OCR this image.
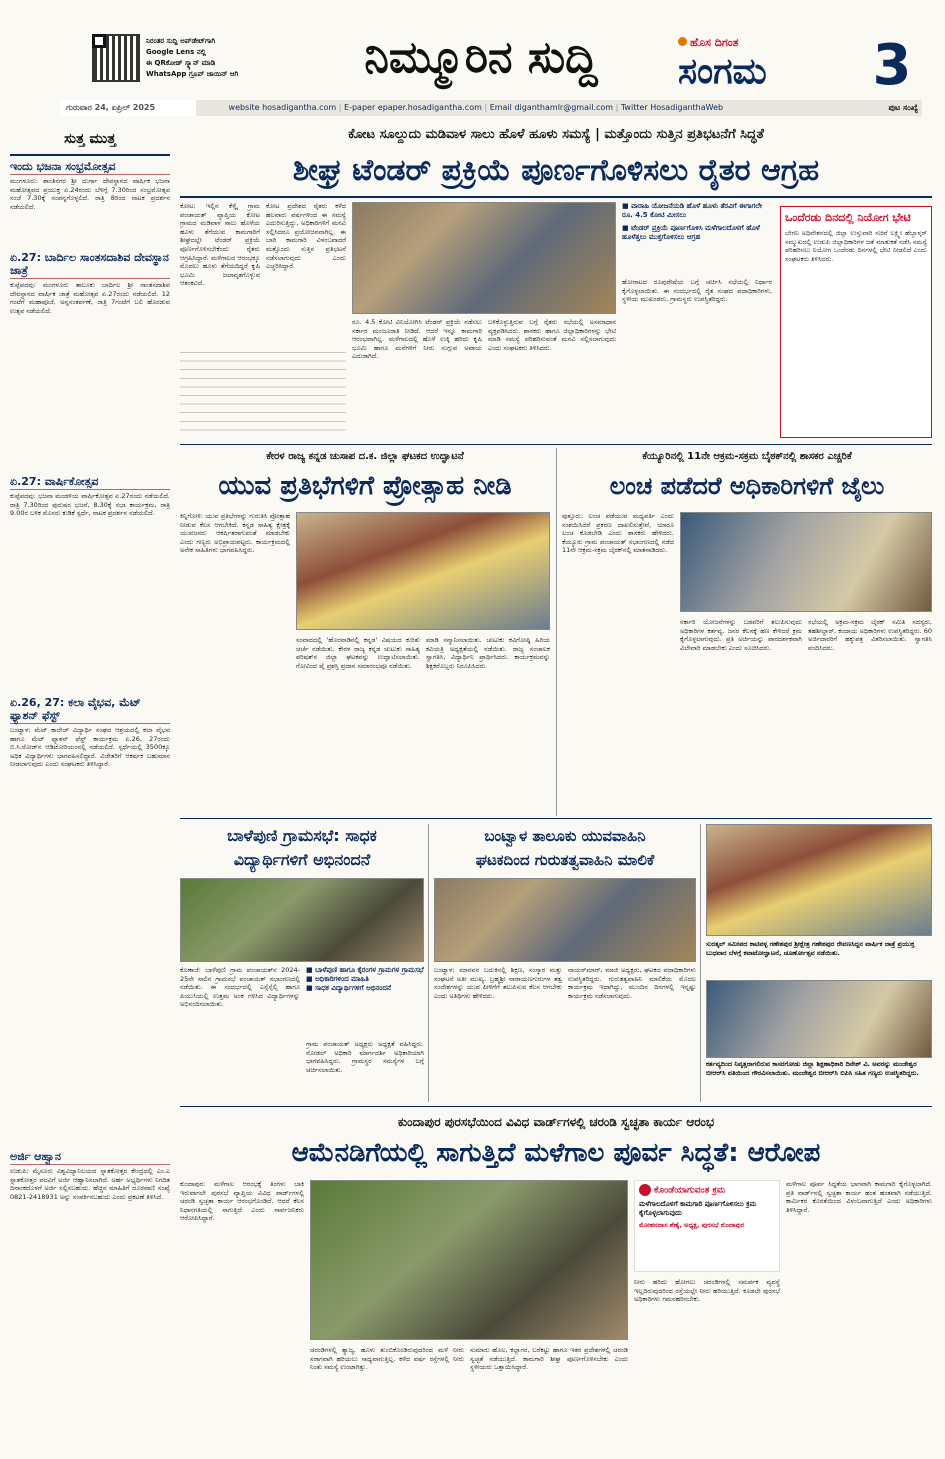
ನಿರಂತರ ಸುದ್ದಿ ಅಪ್‌ಡೇಟ್‌ಗಾಗಿ
Google Lens ನಲ್ಲಿ
ಈ QRಕೋಡ್‌ ಸ್ಕ್ಯಾನ್ ಮಾಡಿ
WhatsApp ಗ್ರೂಪ್ ಜಾಯಿನ್ ಆಗಿ	ನಿಮ್ಮೂರಿನ ಸುದ್ದಿ	ಹೊಸ ದಿಗಂತ
ಸಂಗಮ	3
ಗುರುವಾರ 24, ಏಪ್ರಿಲ್ 2025	website hosadigantha.com | E-paper epaper.hosadigantha.com | Email diganthamlr@gmail.com | Twitter HosadiganthaWeb	ಪುಟ ಸಂಖ್ಯೆ
ಸುತ್ತ ಮುತ್ತ
ಇಂದು ಭಜನಾ ಸಂಭ್ರಮೋತ್ಸವ
ಮಂಗಳೂರು: ಶಾಂತಿನಗರ ಶ್ರೀ ದುರ್ಗಾ ದೇವಸ್ಥಾನದ ವಾರ್ಷಿಕ ಭಜನಾ ಮಹೋತ್ಸವದ ಪ್ರಯುಕ್ತ ಏ.24ರಂದು ಬೆಳಿಗ್ಗೆ 7.30ರಿಂದ ಸಂಭ್ರಮೋತ್ಸವ ಸಂಜೆ 7.30ಕ್ಕೆ ಸಂಪನ್ನಗೊಳ್ಳಲಿದೆ. ರಾತ್ರಿ 8ರಿಂದ ನಾಟಕ ಪ್ರದರ್ಶನ ನಡೆಯಲಿದೆ.
ಏ.27: ಬಾರ್ದಿಲ ಸಾಂತಸದಾಶಿವ ದೇವಸ್ಥಾನ ಜಾತ್ರೆ
ಕುಪ್ಪೆಪದವು: ಮಂಗಳೂರು ತಾಲೂಕು ಬಾರ್ದಿಲ ಶ್ರೀ ಸಾಂತಸದಾಶಿವ ದೇವಸ್ಥಾನದ ವಾರ್ಷಿಕ ಜಾತ್ರೆ ಮಹೋತ್ಸವ ಏ.27ರಂದು ನಡೆಯಲಿದೆ. 12 ಗಂಟೆಗೆ ಮಹಾಪೂಜೆ, ಅನ್ನಸಂತರ್ಪಣೆ, ರಾತ್ರಿ 7ಗಂಟೆಗೆ ಬಲಿ ಹೊರಡುವ ಉತ್ಸವ ನಡೆಯಲಿದೆ.
ಏ.27: ವಾರ್ಷಿಕೋತ್ಸವ
ಕುಪ್ಪೆಪದವು: ಭಜನಾ ಮಂಡಳಿಯ ವಾರ್ಷಿಕೋತ್ಸವ ಏ.27ರಂದು ನಡೆಯಲಿದೆ. ರಾತ್ರಿ 7.30ರಿಂದ ಪುರುಷರ ಭಜನೆ, 8.30ಕ್ಕೆ ಸಭಾ ಕಾರ್ಯಕ್ರಮ, ರಾತ್ರಿ 9.00ರ ಬಳಿಕ ಮೊಸರು ಕುಡಿಕೆ ಸ್ಪರ್ಧೆ, ನಾಟಕ ಪ್ರದರ್ಶನ ನಡೆಯಲಿದೆ.
ಏ.26, 27: ಕಲಾ ವೈಭವ, ಮೆಟ್ ಫ್ಯಾಶನ್ ಫೆಸ್ಟ್
ಬಂಟ್ವಾಳ: ಮೆಟ್ ಕಾಲೇಜ್ ವಿದ್ಯಾರ್ಥಿ ಸಂಘದ ಆಶ್ರಯದಲ್ಲಿ ಕಲಾ ವೈಭವ ಹಾಗೂ ಮೆಟ್ ಫ್ಯಾಶನ್ ಫೆಸ್ಟ್ ಕಾರ್ಯಕ್ರಮ ಏ.26, 27ರಂದು ಬಿ.ಸಿ.ರೋಡ್‌ನ ಆಡಿಟೋರಿಯಂನಲ್ಲಿ ನಡೆಯಲಿದೆ. ಸ್ಪರ್ಧೆಯಲ್ಲಿ 3500ಕ್ಕೂ ಅಧಿಕ ವಿದ್ಯಾರ್ಥಿಗಳು ಭಾಗವಹಿಸಲಿದ್ದಾರೆ. ವಿಜೇತರಿಗೆ ಆಕರ್ಷಕ ಬಹುಮಾನ ನೀಡಲಾಗುವುದು ಎಂದು ಸಂಘಟಕರು ತಿಳಿಸಿದ್ದಾರೆ.
ಅರ್ಜಿ ಆಹ್ವಾನ
ಉಡುಪಿ: ಮೈಸೂರು ವಿಶ್ವವಿದ್ಯಾನಿಲಯದ ಸ್ನಾತಕೋತ್ತರ ಕೇಂದ್ರದಲ್ಲಿ ಎಂ.ಎ ಸ್ನಾತಕೋತ್ತರ ಪದವಿಗೆ ಅರ್ಜಿ ಆಹ್ವಾನಿಸಲಾಗಿದೆ. ಅರ್ಹ ಅಭ್ಯರ್ಥಿಗಳು ನಿಗದಿತ ದಿನಾಂಕದೊಳಗೆ ಅರ್ಜಿ ಸಲ್ಲಿಸಬಹುದು. ಹೆಚ್ಚಿನ ಮಾಹಿತಿಗೆ ದೂರವಾಣಿ ಸಂಖ್ಯೆ 0821-2418931 ಅನ್ನು ಸಂಪರ್ಕಿಸಬಹುದು ಎಂದು ಪ್ರಕಟಣೆ ತಿಳಿಸಿದೆ.
ಕೋಟ ಸೂಲ್ದುದು ಮಡಿವಾಳ ಸಾಲು ಹೊಳೆ ಹೂಳು ಸಮಸ್ಯೆ | ಮತ್ತೊಂದು ಸುತ್ತಿನ ಪ್ರತಿಭಟನೆಗೆ ಸಿದ್ಧತೆ
ಶೀಘ್ರ ಟೆಂಡರ್ ಪ್ರಕ್ರಿಯೆ ಪೂರ್ಣಗೊಳಿಸಲು ರೈತರ ಆಗ್ರಹ
ಕೋಟ: ಇಲ್ಲಿನ ಕೆಳ್ಕೈ ಗ್ರಾಮ ಪಂಚಾಯತ್ ವ್ಯಾಪ್ತಿಯ ಕೋಟ ಗ್ರಾಮದ ಮಡಿವಾಳ ಸಾಲು ಹೊಳೆಯ ಹೂಳು ತೆಗೆಯುವ ಕಾಮಗಾರಿಗೆ ಶೀಘ್ರದಲ್ಲೇ ಟೆಂಡರ್ ಪ್ರಕ್ರಿಯೆ ಪೂರ್ಣಗೊಳಿಸಬೇಕೆಂದು ರೈತರು ಆಗ್ರಹಿಸಿದ್ದಾರೆ. ಮಳೆಗಾಲದ ಆರಂಭಕ್ಕೂ ಮೊದಲು ಹೂಳು ತೆಗೆಯದಿದ್ದರೆ ಕೃಷಿ ಭೂಮಿ ಜಲಾವೃತಗೊಳ್ಳುವ ಆತಂಕವಿದೆ.
ಕೋಟ ಪ್ರದೇಶದ ರೈತರು ಕಳೆದ ಹಲವಾರು ವರ್ಷಗಳಿಂದ ಈ ಸಮಸ್ಯೆ ಎದುರಿಸುತ್ತಿದ್ದು, ಅಧಿಕಾರಿಗಳಿಗೆ ಮನವಿ ಸಲ್ಲಿಸಿದರೂ ಪ್ರಯೋಜನವಾಗಿಲ್ಲ. ಈ ಬಾರಿ ಕಾಮಗಾರಿ ವಿಳಂಬವಾದರೆ ಮತ್ತೊಂದು ಸುತ್ತಿನ ಪ್ರತಿಭಟನೆ ನಡೆಸಲಾಗುವುದು ಎಂದು ಎಚ್ಚರಿಸಿದ್ದಾರೆ.
ರೂ. 4.5 ಕೋಟಿ ವಿನಿಯೋಗಿಸಿ ಟೆಂಡರ್ ಪ್ರಕ್ರಿಯೆ ನಡೆಸಲು ಸರ್ಕಾರ ಮಂಜೂರಾತಿ ನೀಡಿದೆ. ಆದರೆ ಇನ್ನೂ ಕಾಮಗಾರಿ ಆರಂಭವಾಗಿಲ್ಲ. ಮಳೆಗಾಲದಲ್ಲಿ ಹೊಳೆ ಉಕ್ಕಿ ಹರಿದು ಕೃಷಿ ಭೂಮಿ ಹಾಗೂ ಮನೆಗಳಿಗೆ ನೀರು ನುಗ್ಗುವ ಅಪಾಯ ಎದುರಾಗಿದೆ.
ಬಳಿಕೊಳ್ಳುತ್ತಿರುವ ಬಗ್ಗೆ ರೈತರು ಸಭೆಯಲ್ಲಿ ಅಸಮಾಧಾನ ವ್ಯಕ್ತಪಡಿಸಿದರು. ಶಾಸಕರು ಹಾಗೂ ಜಿಲ್ಲಾಧಿಕಾರಿಗಳನ್ನು ಭೇಟಿ ಮಾಡಿ ಸಮಸ್ಯೆ ಪರಿಹರಿಸುವಂತೆ ಮನವಿ ಸಲ್ಲಿಸಲಾಗುವುದು ಎಂದು ಸಂಘಟಕರು ತಿಳಿಸಿದರು.
■ ವಾರಾಹಿ ಯೋಜನೆಯಡಿ ಹೊಳೆ ಹೂಳು ತೆರವಿಗೆ ಈಗಾಗಲೇ ರೂ. 4.5 ಕೋಟಿ ಮೀಸಲು
■ ಟೆಂಡರ್ ಪ್ರಕ್ರಿಯೆ ಪೂರ್ಣಗೊಳಿಸಿ ಮಳೆಗಾಲದೊಳಗೆ ಹೊಳೆ ಹೂಳೆತ್ತಲು ಮುಕ್ತಗೊಳಿಸಲು ಆಗ್ರಹ
ಹೋರಾಟದ ರೂಪುರೇಷೆಯ ಬಗ್ಗೆ ಚರ್ಚಿಸಿ ಸಭೆಯಲ್ಲಿ ನಿರ್ಧಾರ ಕೈಗೊಳ್ಳಲಾಯಿತು. ಈ ಸಂದರ್ಭದಲ್ಲಿ ರೈತ ಸಂಘದ ಪದಾಧಿಕಾರಿಗಳು, ಸ್ಥಳೀಯ ಮುಖಂಡರು, ಗ್ರಾಮಸ್ಥರು ಉಪಸ್ಥಿತರಿದ್ದರು.
ಒಂದೆರಡು ದಿನದಲ್ಲಿ ನಿಯೋಗ ಭೇಟಿ
ಬೇಗನಿ ಅಧಿವೇಶನದಲ್ಲಿ ಜಿಲ್ಲಾ ಉಸ್ತುವಾರಿ ಸಚಿವೆ ಲಕ್ಷ್ಮೀ ಹೆಬ್ಬಾಳ್ಕರ್ ಸಮ್ಮುಖದಲ್ಲಿ ಉಡುಪಿ ಜಿಲ್ಲಾಧಿಕಾರಿಗಳ ಜತೆ ಮಾತುಕತೆ ನಡೆಸಿ ಸಮಸ್ಯೆ ಪರಿಹರಿಸಲು ನಿಯೋಗ ಒಂದೆರಡು ದಿನಗಳಲ್ಲಿ ಭೇಟಿ ನೀಡಲಿದೆ ಎಂದು ಸಂಘಟಕರು ತಿಳಿಸಿದರು.
ಕೇರಳ ರಾಜ್ಯ ಕನ್ನಡ ಚುಸಾಪ ದ.ಕ. ಜಿಲ್ಲಾ ಘಟಕದ ಉದ್ಘಾಟನೆ
ಯುವ ಪ್ರತಿಭೆಗಳಿಗೆ ಪ್ರೋತ್ಸಾಹ ನೀಡಿ
ಕಿನ್ನಿಗೋಳಿ: ಯುವ ಪ್ರತಿಭೆಗಳನ್ನು ಗುರುತಿಸಿ ಪ್ರೋತ್ಸಾಹ ನೀಡುವ ಕೆಲಸ ಆಗಬೇಕಿದೆ. ಕನ್ನಡ ಸಾಹಿತ್ಯ ಕ್ಷೇತ್ರಕ್ಕೆ ಯುವಜನರು ಆಕರ್ಷಿತರಾಗುವಂತೆ ಮಾಡಬೇಕು ಎಂದು ಗಣ್ಯರು ಅಭಿಪ್ರಾಯಪಟ್ಟರು. ಕಾರ್ಯಕ್ರಮದಲ್ಲಿ ಅನೇಕ ಸಾಹಿತಿಗಳು ಭಾಗವಹಿಸಿದ್ದರು.
ಸಂವಾದದಲ್ಲಿ 'ಹೊರನಾಡಿನಲ್ಲಿ ಕನ್ನಡ' ವಿಷಯದ ಕುರಿತು ಚರ್ಚೆ ನಡೆಯಿತು. ಕೇರಳ ರಾಜ್ಯ ಕನ್ನಡ ಚುಟುಕು ಸಾಹಿತ್ಯ ಪರಿಷತ್‌ನ ಜಿಲ್ಲಾ ಘಟಕವನ್ನು ಉದ್ಘಾಟಿಸಲಾಯಿತು. ಗೋವಿಂದ ಪೈ ಪ್ರಶಸ್ತಿ ಪ್ರದಾನ ಸಮಾರಂಭವೂ ನಡೆಯಿತು.
ಮಾಡಿ ಸನ್ಮಾನಿಸಲಾಯಿತು. ಚುಟುಕು ಕವಿಗೋಷ್ಠಿ ಹಿರಿಯ ಕವಿಯತ್ರಿ ಅಧ್ಯಕ್ಷತೆಯಲ್ಲಿ ನಡೆಯಿತು. ರಾಜ್ಯ ಸಂಚಾಲಕ ಸ್ವಾಗತಿಸಿ, ವಿದ್ಯಾರ್ಥಿನಿ ಪ್ರಾರ್ಥಿಸಿದರು. ಕಾರ್ಯಕ್ರಮವನ್ನು ಶಿಕ್ಷಕರೊಬ್ಬರು ನಿರೂಪಿಸಿದರು.
ಕೆಯ್ಯೂರಿನಲ್ಲಿ 11ನೇ ಆಕ್ರಮ-ಸಕ್ರಮ ಬೈಠಕ್‌ನಲ್ಲಿ ಶಾಸಕರ ಎಚ್ಚರಿಕೆ
ಲಂಚ ಪಡೆದರೆ ಅಧಿಕಾರಿಗಳಿಗೆ ಜೈಲು
ಪುತ್ತೂರು: ಲಂಚ ಪಡೆಯುವ ಮಧ್ಯವರ್ತಿ ಎಂದು ಸಂಶಯಿಸಿದರೆ ಪ್ರಕರಣ ದಾಖಲಿಸುತ್ತೇವೆ, ಯಾರೂ ಲಂಚ ಕೊಡಬೇಡಿ ಎಂದು ಶಾಸಕರು ಹೇಳಿದರು. ಕೆಯ್ಯೂರು ಗ್ರಾಮ ಪಂಚಾಯತ್ ಸಭಾಂಗಣದಲ್ಲಿ ನಡೆದ 11ನೇ ಆಕ್ರಮ-ಸಕ್ರಮ ಬೈಠಕ್‌ನಲ್ಲಿ ಮಾತನಾಡಿದರು.
ಸರ್ಕಾರಿ ಯೋಜನೆಗಳನ್ನು ಬಡವರಿಗೆ ತಲುಪಿಸುವುದು ಅಧಿಕಾರಿಗಳ ಕರ್ತವ್ಯ. ಜನರ ಕೆಲಸಕ್ಕೆ ಹಣ ಕೇಳಿದರೆ ಕ್ರಮ ಕೈಗೊಳ್ಳಲಾಗುವುದು. ಪ್ರತಿ ಅರ್ಜಿಯನ್ನು ಪಾರದರ್ಶಕವಾಗಿ ವಿಲೇವಾರಿ ಮಾಡಬೇಕು ಎಂದು ಸೂಚಿಸಿದರು.
ಸಭೆಯಲ್ಲಿ ಅಕ್ರಮ-ಸಕ್ರಮ ಬೈಠಕ್ ಸಮಿತಿ ಸದಸ್ಯರು, ತಹಶೀಲ್ದಾರ್, ಕಂದಾಯ ಅಧಿಕಾರಿಗಳು ಉಪಸ್ಥಿತರಿದ್ದರು. 60 ಅರ್ಜಿದಾರರಿಗೆ ಹಕ್ಕುಪತ್ರ ವಿತರಿಸಲಾಯಿತು. ಸ್ವಾಗತಿಸಿ ವಂದಿಸಿದರು.
ಬಾಳೆಪುಣಿ ಗ್ರಾಮಸಭೆ: ಸಾಧಕ
ವಿದ್ಯಾರ್ಥಿಗಳಿಗೆ ಅಭಿನಂದನೆ
ಕೊಣಾಜೆ: ಬಾಳೆಪುಣಿ ಗ್ರಾಮ ಪಂಚಾಯತ್‌ನ 2024-25ನೇ ಸಾಲಿನ ಗ್ರಾಮಸಭೆ ಪಂಚಾಯತ್ ಸಭಾಂಗಣದಲ್ಲಿ ನಡೆಯಿತು. ಈ ಸಂದರ್ಭದಲ್ಲಿ ಎಸ್ಸೆಸ್ಸೆಲ್ಸಿ ಹಾಗೂ ಪಿಯುಸಿಯಲ್ಲಿ ಉತ್ತಮ ಅಂಕ ಗಳಿಸಿದ ವಿದ್ಯಾರ್ಥಿಗಳನ್ನು ಅಭಿನಂದಿಸಲಾಯಿತು.
■ ಬಾಳೆಪುಣಿ ಹಾಗೂ ಕೈರಂಗಳ ಗ್ರಾಮಗಳ ಗ್ರಾಮಸಭೆ
■ ಅಧಿಕಾರಿಗಳಿಂದ ಮಾಹಿತಿ
■ ಸಾಧಕ ವಿದ್ಯಾರ್ಥಿಗಳಿಗೆ ಅಭಿನಂದನೆ
ಗ್ರಾಮ ಪಂಚಾಯತ್ ಅಧ್ಯಕ್ಷರು ಅಧ್ಯಕ್ಷತೆ ವಹಿಸಿದ್ದರು. ನೋಡಲ್ ಅಧಿಕಾರಿ ಮಾರ್ಗದರ್ಶಿ ಅಧಿಕಾರಿಯಾಗಿ ಭಾಗವಹಿಸಿದ್ದರು. ಗ್ರಾಮಸ್ಥರ ಸಮಸ್ಯೆಗಳ ಬಗ್ಗೆ ಚರ್ಚಿಸಲಾಯಿತು.
ಬಂಟ್ವಾಳ ತಾಲೂಕು ಯುವವಾಹಿನಿ
ಘಟಕದಿಂದ ಗುರುತತ್ವವಾಹಿನಿ ಮಾಲಿಕೆ
ಬಂಟ್ವಾಳ: ಮಾನವನ ಬದುಕಿನಲ್ಲಿ ಶಿಕ್ಷಣ, ಸಂಸ್ಕಾರ ಮತ್ತು ಸಂಘಟನೆ ಅತೀ ಮುಖ್ಯ. ಬ್ರಹ್ಮಶ್ರೀ ನಾರಾಯಣಗುರುಗಳ ತತ್ವ ಸಂದೇಶಗಳನ್ನು ಯುವ ಪೀಳಿಗೆಗೆ ತಲುಪಿಸುವ ಕೆಲಸ ಆಗಬೇಕು ಎಂದು ಅತಿಥಿಗಳು ಹೇಳಿದರು.
ನಾಯರ್‌ಮಾರ್, ಮಾಜಿ ಅಧ್ಯಕ್ಷರು, ಘಟಕದ ಪದಾಧಿಕಾರಿಗಳು ಉಪಸ್ಥಿತರಿದ್ದರು. ಗುರುತತ್ವವಾಹಿನಿ ಮಾಲಿಕೆಯ ಮೊದಲ ಕಾರ್ಯಕ್ರಮ ಇದಾಗಿದ್ದು, ಮುಂದಿನ ದಿನಗಳಲ್ಲಿ ಇನ್ನಷ್ಟು ಕಾರ್ಯಕ್ರಮ ನಡೆಸಲಾಗುವುದು.
ಸುರತ್ಕಲ್ ಸಮೀಪದ ಕಾಟಿಪಳ್ಳ ಗಣೇಶಪುರ ಶ್ರೀಕ್ಷೇತ್ರ ಗಣೇಶಪುರ ರೇವಣಸಿದ್ದನ ವಾರ್ಷಿಕ ಜಾತ್ರೆ ಪ್ರಯುಕ್ತ ಬುಧವಾರ ಬೆಳಗ್ಗೆ ಕವಾಟೋದ್ಘಾಟನೆ, ಚೂರ್ಣೋತ್ಸವ ನಡೆಯಿತು.
ಕರ್ತವ್ಯದಿಂದ ನಿವೃತ್ತರಾಗಲಿರುವ ಕಾಸರಗೋಡು ಜಿಲ್ಲಾ ಶಿಕ್ಷಣಾಧಿಕಾರಿ ದಿನೇಶ್ ವಿ. ಅವರನ್ನು ಮಂಜೇಶ್ವರ ಬೀಆರ್‌ಸಿ ವತಿಯಿಂದ ಗೌರವಿಸಲಾಯಿತು. ಮಂಜೇಶ್ವರ ಬೀಆರ್‌ಸಿ ಬಿಪಿಸಿ ಸಹಿತ ಗಣ್ಯರು ಉಪಸ್ಥಿತರಿದ್ದರು.
ಕುಂದಾಪುರ ಪುರಸಭೆಯಿಂದ ವಿವಿಧ ವಾರ್ಡ್‌ಗಳಲ್ಲಿ ಚರಂಡಿ ಸ್ವಚ್ಛತಾ ಕಾರ್ಯ ಆರಂಭ
ಆಮೆನಡಿಗೆಯಲ್ಲಿ ಸಾಗುತ್ತಿದೆ ಮಳೆಗಾಲ ಪೂರ್ವ ಸಿದ್ಧತೆ: ಆರೋಪ
ಕುಂದಾಪುರ: ಮಳೆಗಾಲ ಆರಂಭಕ್ಕೆ ತಿಂಗಳು ಬಾಕಿ ಇರುವಾಗಲೇ ಪುರಸಭೆ ವ್ಯಾಪ್ತಿಯ ವಿವಿಧ ವಾರ್ಡ್‌ಗಳಲ್ಲಿ ಚರಂಡಿ ಸ್ವಚ್ಛತಾ ಕಾರ್ಯ ಆರಂಭಗೊಂಡಿದೆ. ಆದರೆ ಕೆಲಸ ನಿಧಾನಗತಿಯಲ್ಲಿ ಸಾಗುತ್ತಿದೆ ಎಂದು ಸಾರ್ವಜನಿಕರು ಆರೋಪಿಸಿದ್ದಾರೆ.
ಚರಂಡಿಗಳಲ್ಲಿ ತ್ಯಾಜ್ಯ, ಹೂಳು ತುಂಬಿಕೊಂಡಿರುವುದರಿಂದ ಮಳೆ ನೀರು ಸರಾಗವಾಗಿ ಹರಿಯಲು ಸಾಧ್ಯವಾಗುತ್ತಿಲ್ಲ. ಕಳೆದ ವರ್ಷ ರಸ್ತೆಗಳಲ್ಲಿ ನೀರು ನಿಂತು ಸಮಸ್ಯೆ ಉಂಟಾಗಿತ್ತು.
ಸುಮಾರು ಹೊಲ, ಕಲ್ಲಾಗರ, ಬರೆಕಟ್ಟು ಹಾಗೂ ಇತರ ಪ್ರದೇಶಗಳಲ್ಲಿ ಚರಂಡಿ ಸ್ವಚ್ಛತೆ ನಡೆಯುತ್ತಿದೆ. ಕಾಮಗಾರಿ ಶೀಘ್ರ ಪೂರ್ಣಗೊಳಿಸಬೇಕು ಎಂದು ಸ್ಥಳೀಯರು ಒತ್ತಾಯಿಸಿದ್ದಾರೆ.
ಕೊಂಡೆಯಾಗುವಂತ ಕ್ರಮ
ಮಳೆಗಾಲದೊಳಗೆ ಕಾಮಗಾರಿ ಪೂರ್ಣಗೊಳಿಸಲು ಕ್ರಮ ಕೈಗೊಳ್ಳಲಾಗುವುದು
ಮೋಹನದಾಸ ಶೆಣೈ, ಅಧ್ಯಕ್ಷ, ಪುರಸಭೆ ಕುಂದಾಪುರ
ನೀರು ಹರಿದು ಹೋಗಲು ಚರಂಡಿಗಳಲ್ಲಿ ಸಮರ್ಪಕ ವ್ಯವಸ್ಥೆ ಇಲ್ಲದಿರುವುದರಿಂದ ರಸ್ತೆಯಲ್ಲೇ ನೀರು ಹರಿಯುತ್ತಿದೆ. ಕೂಡಲೇ ಪುರಸಭೆ ಅಧಿಕಾರಿಗಳು ಗಮನಹರಿಸಬೇಕು.
ಮಳೆಗಾಲ ಪೂರ್ವ ಸಿದ್ಧತೆಯ ಭಾಗವಾಗಿ ಕಾಮಗಾರಿ ಕೈಗೊಳ್ಳಲಾಗಿದೆ. ಪ್ರತಿ ವಾರ್ಡ್‌ನಲ್ಲಿ ಸ್ವಚ್ಛತಾ ಕಾರ್ಯ ಹಂತ ಹಂತವಾಗಿ ನಡೆಯುತ್ತಿದೆ. ಕಾರ್ಮಿಕರ ಕೊರತೆಯಿಂದ ವಿಳಂಬವಾಗುತ್ತಿದೆ ಎಂದು ಅಧಿಕಾರಿಗಳು ತಿಳಿಸಿದ್ದಾರೆ.
